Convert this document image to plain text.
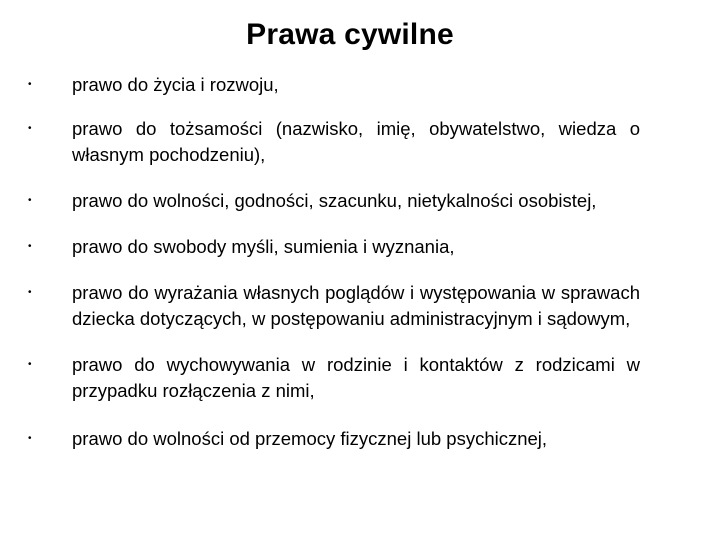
Prawa cywilne
• prawo do życia i rozwoju,
• prawo do tożsamości (nazwisko, imię, obywatelstwo, wiedza o własnym pochodzeniu),
• prawo do wolności, godności, szacunku, nietykalności osobistej,
• prawo do swobody myśli, sumienia i wyznania,
• prawo do wyrażania własnych poglądów i występowania w sprawach dziecka dotyczących, w postępowaniu administracyjnym i sądowym,
• prawo do wychowywania w rodzinie i kontaktów z rodzicami w przypadku rozłączenia z nimi,
• prawo do wolności od przemocy fizycznej lub psychicznej,
